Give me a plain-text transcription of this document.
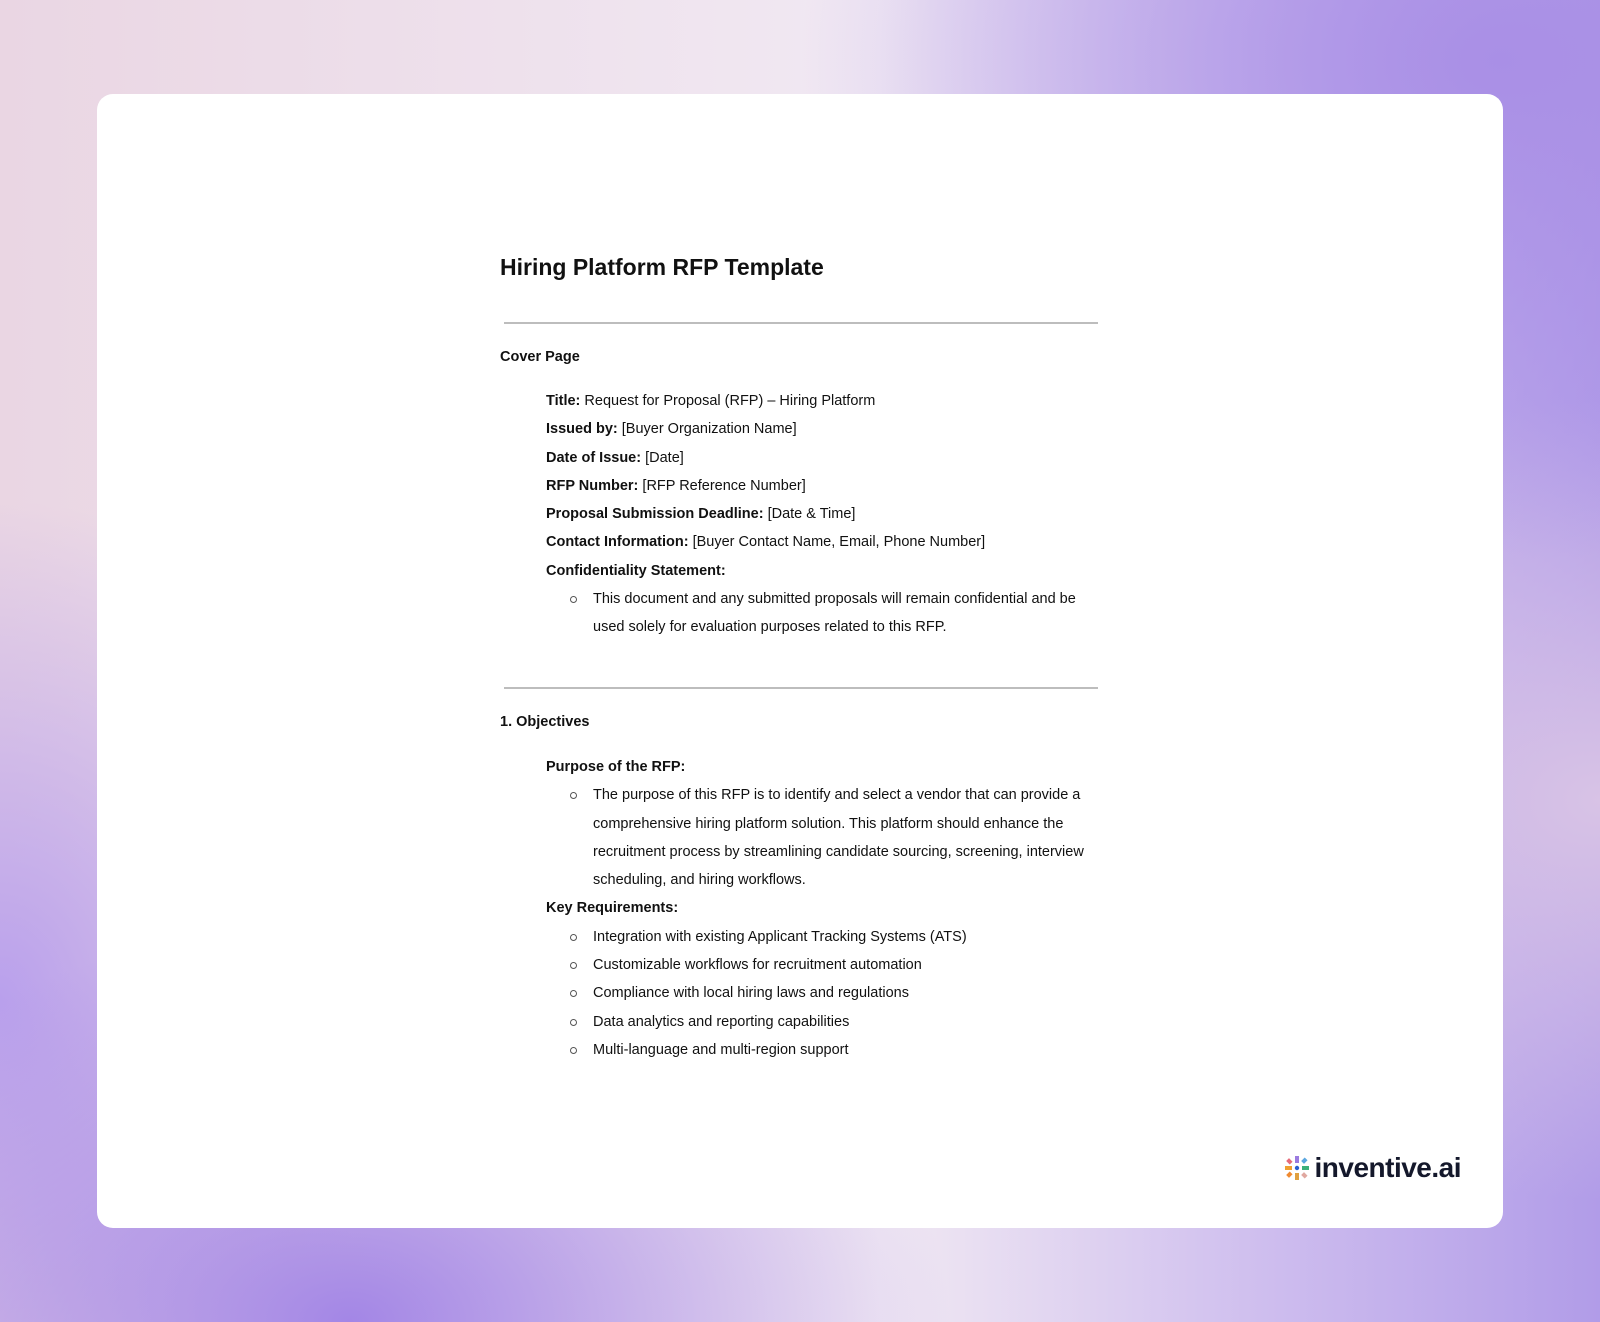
Hiring Platform RFP Template
Cover Page
Title: Request for Proposal (RFP) – Hiring Platform
Issued by: [Buyer Organization Name]
Date of Issue: [Date]
RFP Number: [RFP Reference Number]
Proposal Submission Deadline: [Date & Time]
Contact Information: [Buyer Contact Name, Email, Phone Number]
Confidentiality Statement:
This document and any submitted proposals will remain confidential and be used solely for evaluation purposes related to this RFP.
1. Objectives
Purpose of the RFP:
The purpose of this RFP is to identify and select a vendor that can provide a comprehensive hiring platform solution. This platform should enhance the recruitment process by streamlining candidate sourcing, screening, interview scheduling, and hiring workflows.
Key Requirements:
Integration with existing Applicant Tracking Systems (ATS)
Customizable workflows for recruitment automation
Compliance with local hiring laws and regulations
Data analytics and reporting capabilities
Multi-language and multi-region support
inventive.ai
